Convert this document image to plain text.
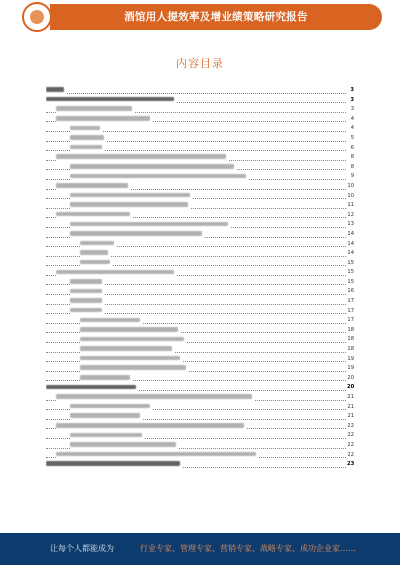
酒馆用人提效率及增业绩策略研究报告
内容目录
3
3
3
4
4
5
6
8
8
9
10
10
11
12
13
14
14
14
15
15
15
16
17
17
17
18
18
18
19
19
20
20
21
21
21
22
22
22
22
23
让每个人都能成为	行业专家、管理专家、营销专家、战略专家、成功企业家……
